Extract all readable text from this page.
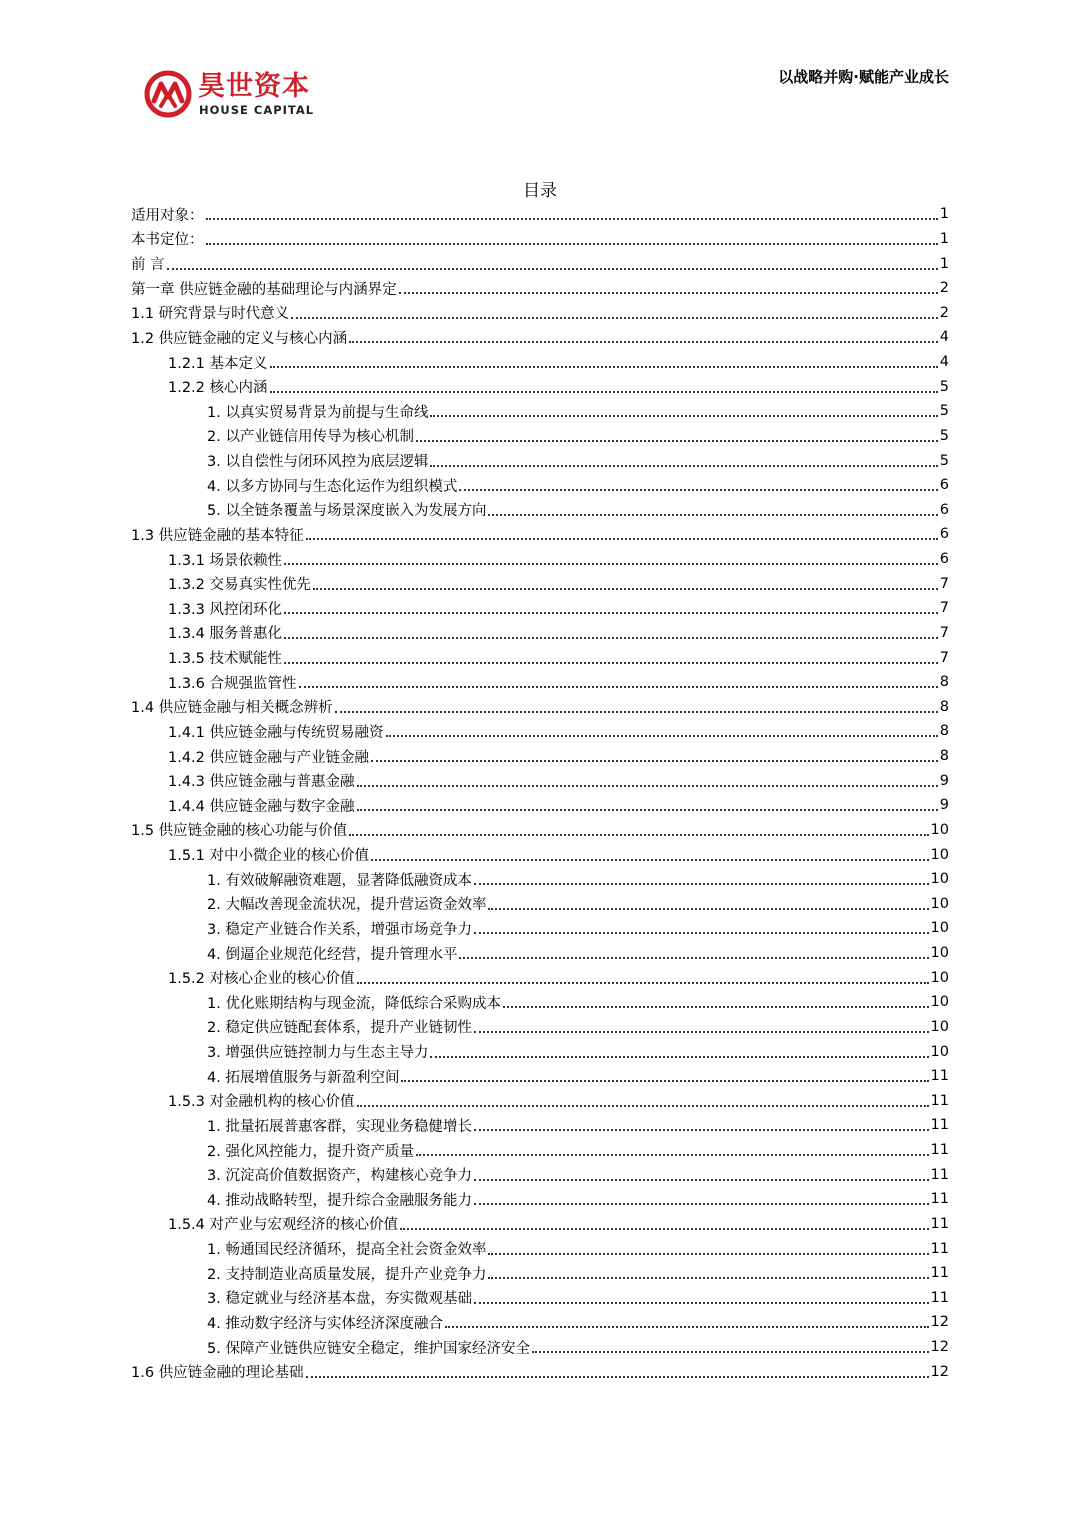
昊世资本
HOUSE CAPITAL
以战略并购·赋能产业成长
目录
适用对象：	1
本书定位：	1
前 言	1
第一章 供应链金融的基础理论与内涵界定	2
1.1 研究背景与时代意义	2
1.2 供应链金融的定义与核心内涵	4
1.2.1 基本定义	4
1.2.2 核心内涵	5
1. 以真实贸易背景为前提与生命线	5
2. 以产业链信用传导为核心机制	5
3. 以自偿性与闭环风控为底层逻辑	5
4. 以多方协同与生态化运作为组织模式	6
5. 以全链条覆盖与场景深度嵌入为发展方向	6
1.3 供应链金融的基本特征	6
1.3.1 场景依赖性	6
1.3.2 交易真实性优先	7
1.3.3 风控闭环化	7
1.3.4 服务普惠化	7
1.3.5 技术赋能性	7
1.3.6 合规强监管性	8
1.4 供应链金融与相关概念辨析	8
1.4.1 供应链金融与传统贸易融资	8
1.4.2 供应链金融与产业链金融	8
1.4.3 供应链金融与普惠金融	9
1.4.4 供应链金融与数字金融	9
1.5 供应链金融的核心功能与价值	10
1.5.1 对中小微企业的核心价值	10
1. 有效破解融资难题，显著降低融资成本	10
2. 大幅改善现金流状况，提升营运资金效率	10
3. 稳定产业链合作关系，增强市场竞争力	10
4. 倒逼企业规范化经营，提升管理水平	10
1.5.2 对核心企业的核心价值	10
1. 优化账期结构与现金流，降低综合采购成本	10
2. 稳定供应链配套体系，提升产业链韧性	10
3. 增强供应链控制力与生态主导力	10
4. 拓展增值服务与新盈利空间	11
1.5.3 对金融机构的核心价值	11
1. 批量拓展普惠客群，实现业务稳健增长	11
2. 强化风控能力，提升资产质量	11
3. 沉淀高价值数据资产，构建核心竞争力	11
4. 推动战略转型，提升综合金融服务能力	11
1.5.4 对产业与宏观经济的核心价值	11
1. 畅通国民经济循环，提高全社会资金效率	11
2. 支持制造业高质量发展，提升产业竞争力	11
3. 稳定就业与经济基本盘，夯实微观基础	11
4. 推动数字经济与实体经济深度融合	12
5. 保障产业链供应链安全稳定，维护国家经济安全	12
1.6 供应链金融的理论基础	12
